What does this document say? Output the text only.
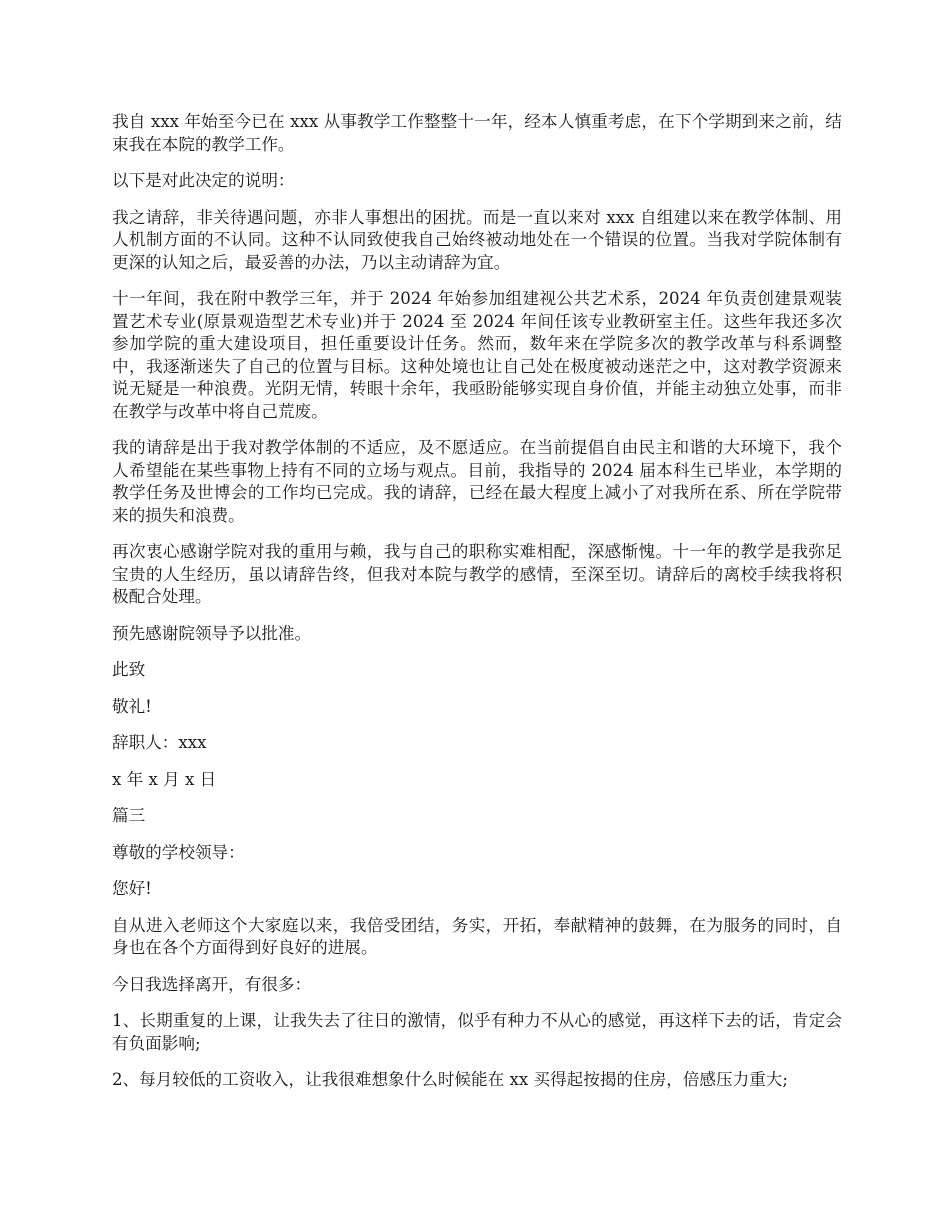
我自 xxx 年始至今已在 xxx 从事教学工作整整十一年，经本人慎重考虑，在下个学期到来之前，结束我在本院的教学工作。

以下是对此决定的说明：

我之请辞，非关待遇问题，亦非人事想出的困扰。而是一直以来对 xxx 自组建以来在教学体制、用人机制方面的不认同。这种不认同致使我自己始终被动地处在一个错误的位置。当我对学院体制有更深的认知之后，最妥善的办法，乃以主动请辞为宜。

十一年间，我在附中教学三年，并于 2024 年始参加组建视公共艺术系，2024 年负责创建景观装置艺术专业(原景观造型艺术专业)并于 2024 至 2024 年间任该专业教研室主任。这些年我还多次参加学院的重大建设项目，担任重要设计任务。然而，数年来在学院多次的教学改革与科系调整中，我逐渐迷失了自己的位置与目标。这种处境也让自己处在极度被动迷茫之中，这对教学资源来说无疑是一种浪费。光阴无情，转眼十余年，我亟盼能够实现自身价值，并能主动独立处事，而非在教学与改革中将自己荒废。

我的请辞是出于我对教学体制的不适应，及不愿适应。在当前提倡自由民主和谐的大环境下，我个人希望能在某些事物上持有不同的立场与观点。目前，我指导的 2024 届本科生已毕业，本学期的教学任务及世博会的工作均已完成。我的请辞，已经在最大程度上减小了对我所在系、所在学院带来的损失和浪费。

再次衷心感谢学院对我的重用与赖，我与自己的职称实难相配，深感惭愧。十一年的教学是我弥足宝贵的人生经历，虽以请辞告终，但我对本院与教学的感情，至深至切。请辞后的离校手续我将积极配合处理。

预先感谢院领导予以批准。

此致

敬礼!

辞职人：xxx

x 年 x 月 x 日

篇三

尊敬的学校领导：

您好!

自从进入老师这个大家庭以来，我倍受团结，务实，开拓，奉献精神的鼓舞，在为服务的同时，自身也在各个方面得到好良好的进展。

今日我选择离开，有很多：

1、长期重复的上课，让我失去了往日的激情，似乎有种力不从心的感觉，再这样下去的话，肯定会有负面影响;

2、每月较低的工资收入，让我很难想象什么时候能在 xx 买得起按揭的住房，倍感压力重大;
